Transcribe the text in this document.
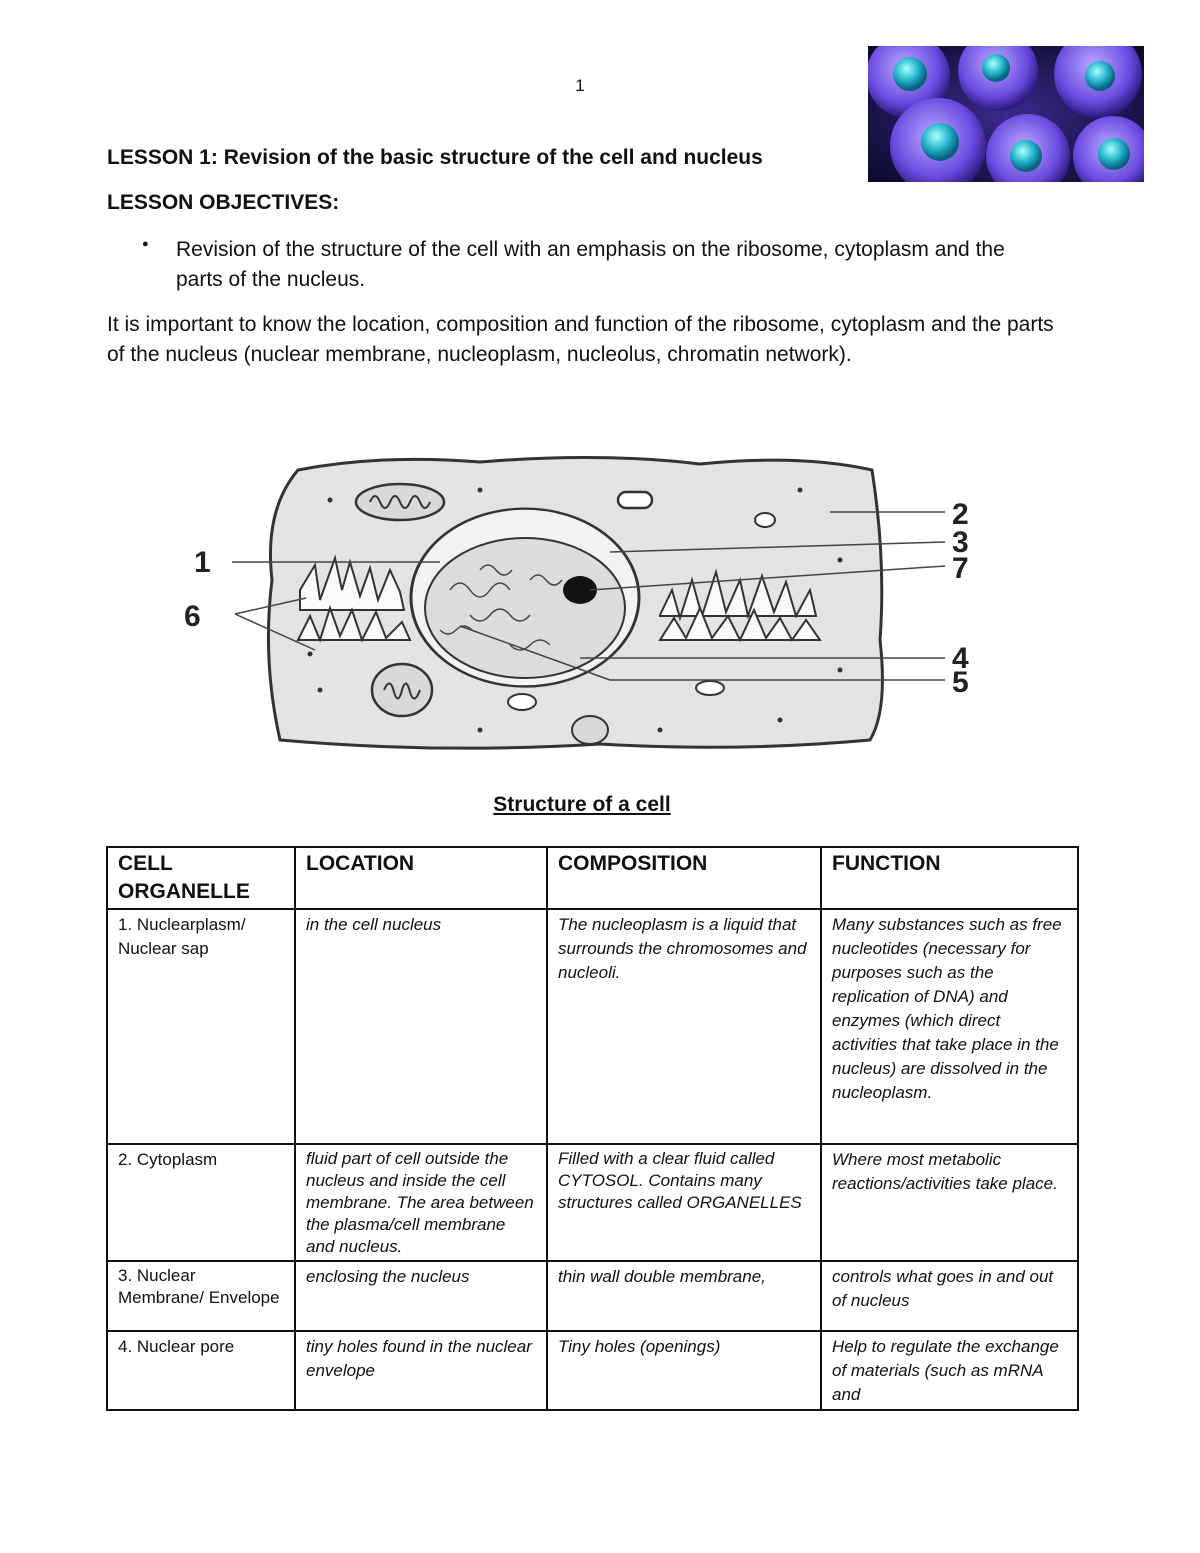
1
LESSON 1: Revision of the basic structure of the cell and nucleus
LESSON OBJECTIVES:
● Revision of the structure of the cell with an emphasis on the ribosome, cytoplasm and the parts of the nucleus.
It is important to know the location, composition and function of the ribosome, cytoplasm and the parts of the nucleus (nuclear membrane, nucleoplasm, nucleolus, chromatin network).
1
2
3
7
6
4
5
Structure of a cell
CELL ORGANELLE	LOCATION	COMPOSITION	FUNCTION
1. Nuclearplasm/ Nuclear sap	in the cell nucleus	The nucleoplasm is a liquid that surrounds the chromosomes and nucleoli.	Many substances such as free nucleotides (necessary for purposes such as the replication of DNA) and enzymes (which direct activities that take place in the nucleus) are dissolved in the nucleoplasm.
2. Cytoplasm	fluid part of cell outside the nucleus and inside the cell membrane. The area between the plasma/cell membrane and nucleus.	Filled with a clear fluid called CYTOSOL. Contains many structures called ORGANELLES	Where most metabolic reactions/activities take place.
3. Nuclear Membrane/ Envelope	enclosing the nucleus	thin wall double membrane,	controls what goes in and out of nucleus
4. Nuclear pore	tiny holes found in the nuclear envelope	Tiny holes (openings)	Help to regulate the exchange of materials (such as mRNA and
